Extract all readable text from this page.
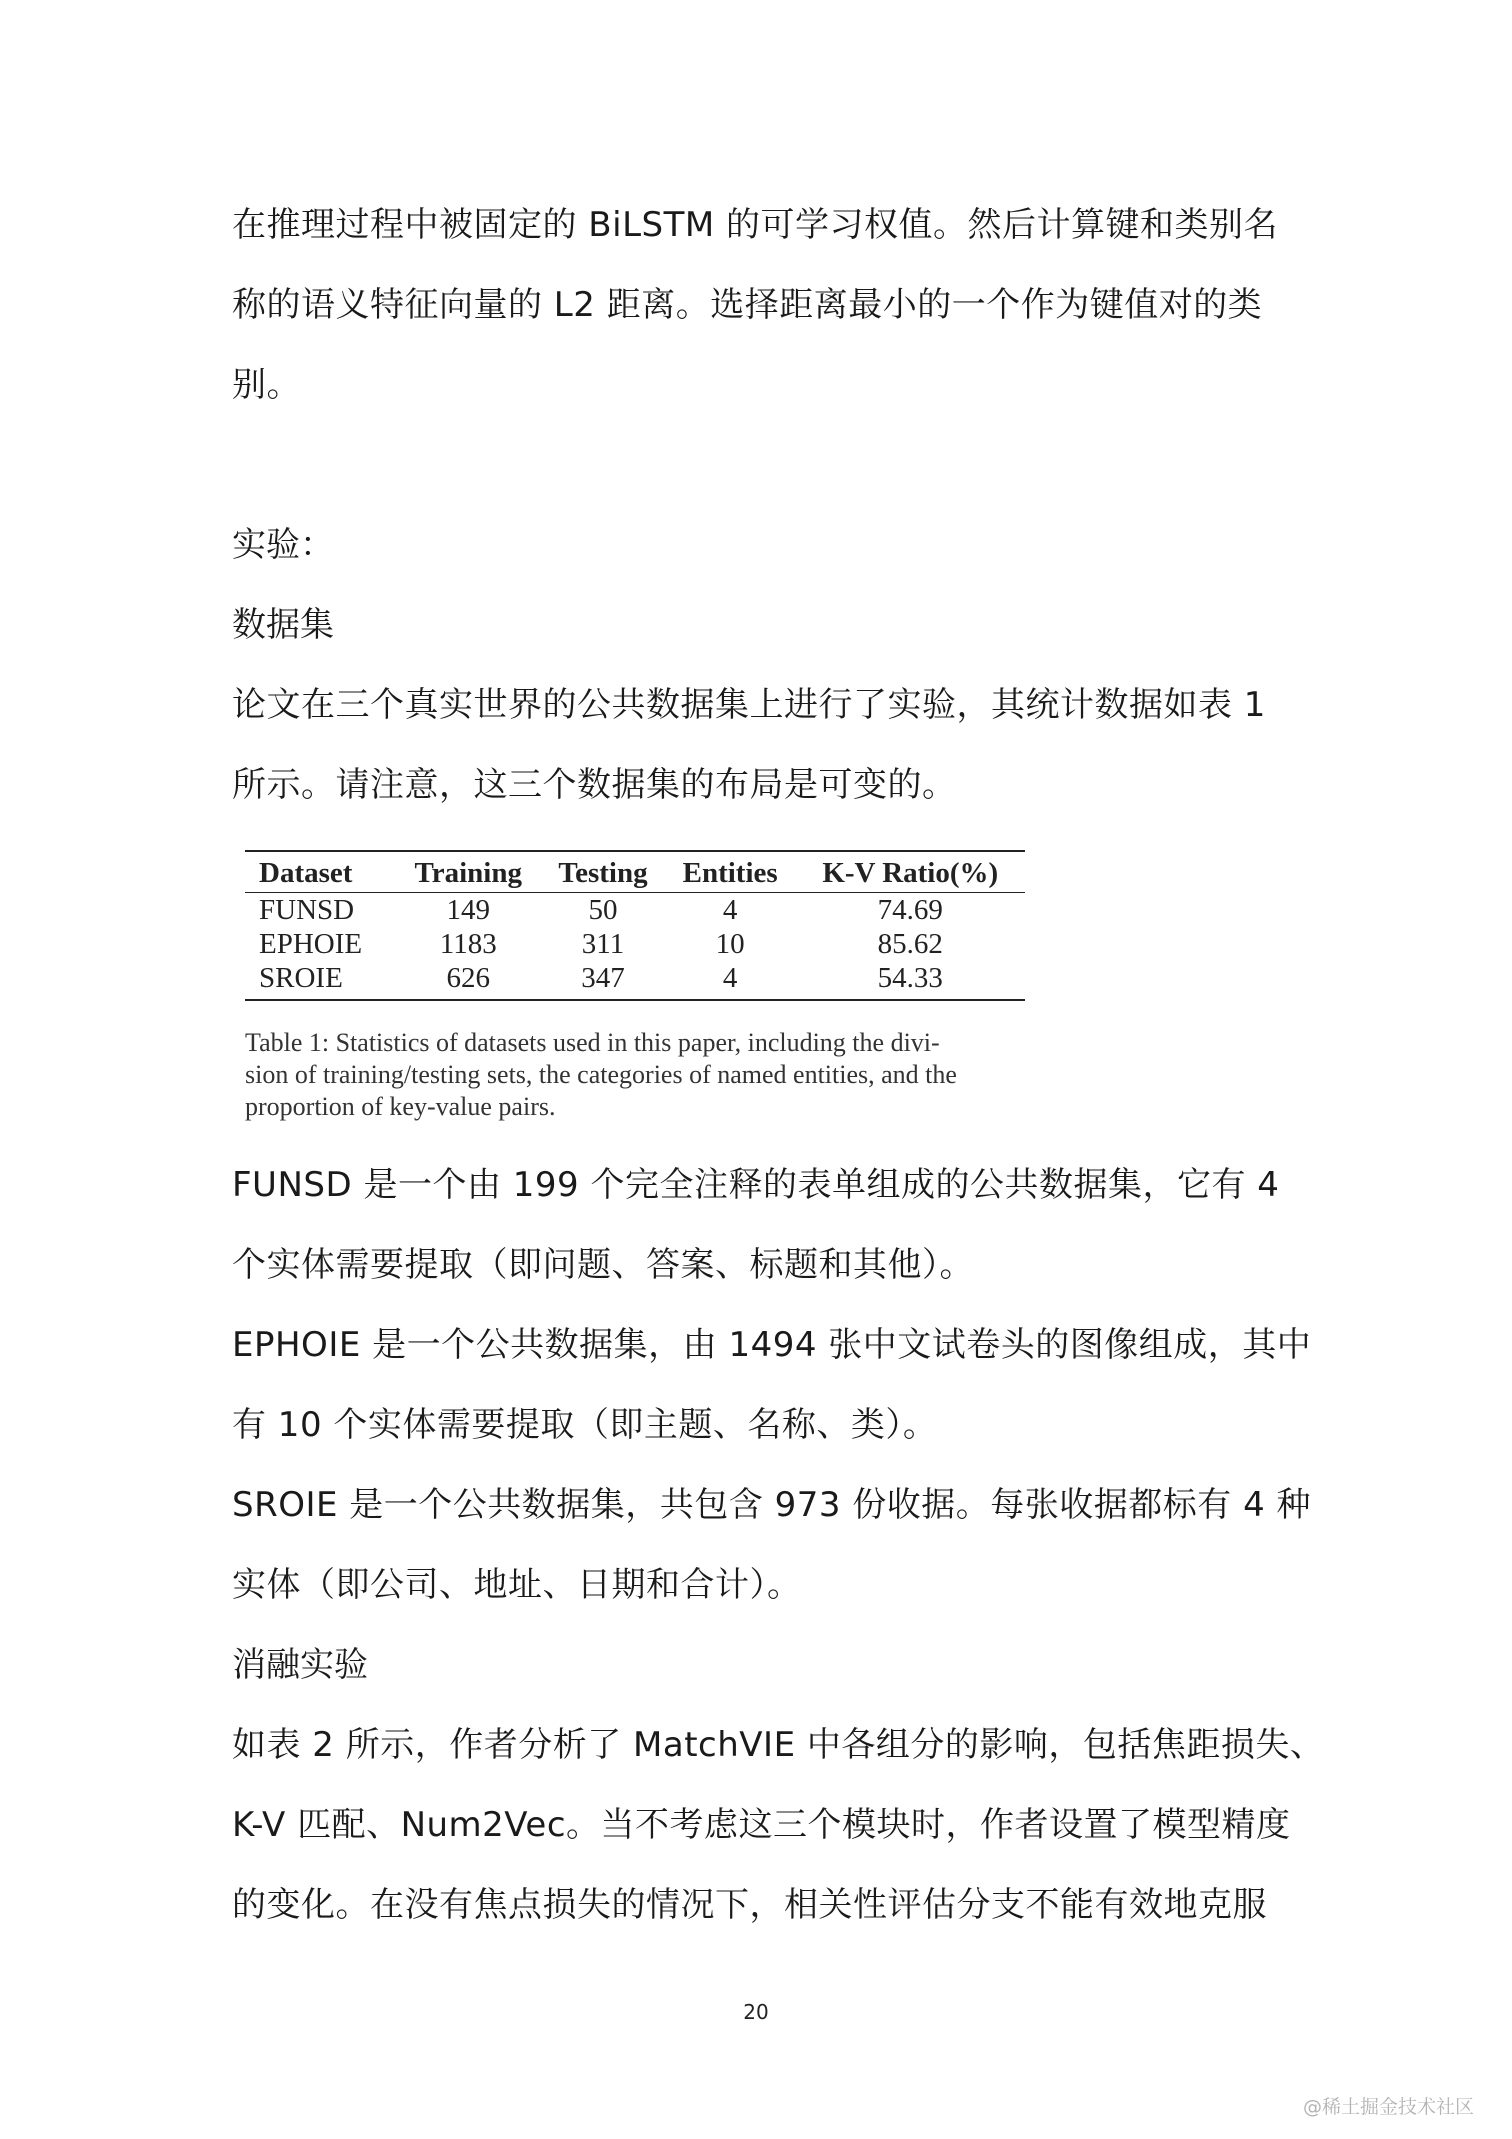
在推理过程中被固定的 BiLSTM 的可学习权值。然后计算键和类别名
称的语义特征向量的 L2 距离。选择距离最小的一个作为键值对的类
别。

实验：

数据集

论文在三个真实世界的公共数据集上进行了实验，其统计数据如表 1
所示。请注意，这三个数据集的布局是可变的。

Dataset	Training	Testing	Entities	K-V Ratio(%)
FUNSD	149	50	4	74.69
EPHOIE	1183	311	10	85.62
SROIE	626	347	4	54.33
Table 1: Statistics of datasets used in this paper, including the divi-
sion of training/testing sets, the categories of named entities, and the
proportion of key-value pairs.

FUNSD 是一个由 199 个完全注释的表单组成的公共数据集，它有 4
个实体需要提取（即问题、答案、标题和其他）。

EPHOIE 是一个公共数据集，由 1494 张中文试卷头的图像组成，其中
有 10 个实体需要提取（即主题、名称、类）。

SROIE 是一个公共数据集，共包含 973 份收据。每张收据都标有 4 种
实体（即公司、地址、日期和合计）。

消融实验

如表 2 所示，作者分析了 MatchVIE 中各组分的影响，包括焦距损失、
K-V 匹配、Num2Vec。当不考虑这三个模块时，作者设置了模型精度
的变化。在没有焦点损失的情况下，相关性评估分支不能有效地克服

20
@稀土掘金技术社区
